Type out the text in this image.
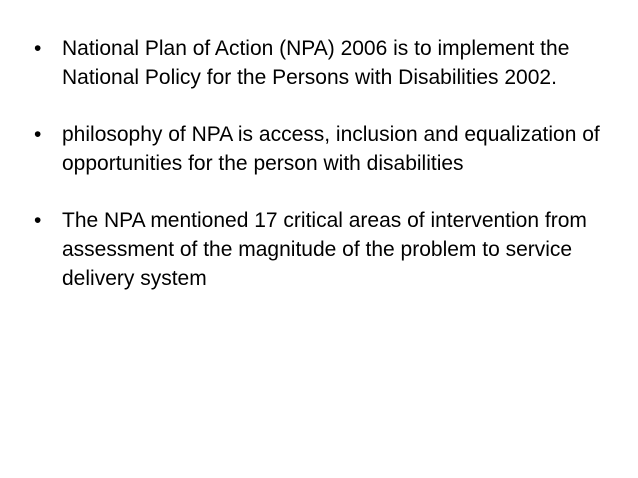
• National Plan of Action (NPA) 2006 is to implement the National Policy for the Persons with Disabilities 2002.
• philosophy of NPA is access, inclusion and equalization of opportunities for the person with disabilities
• The NPA mentioned 17 critical areas of intervention from assessment of the magnitude of the problem to service delivery system
